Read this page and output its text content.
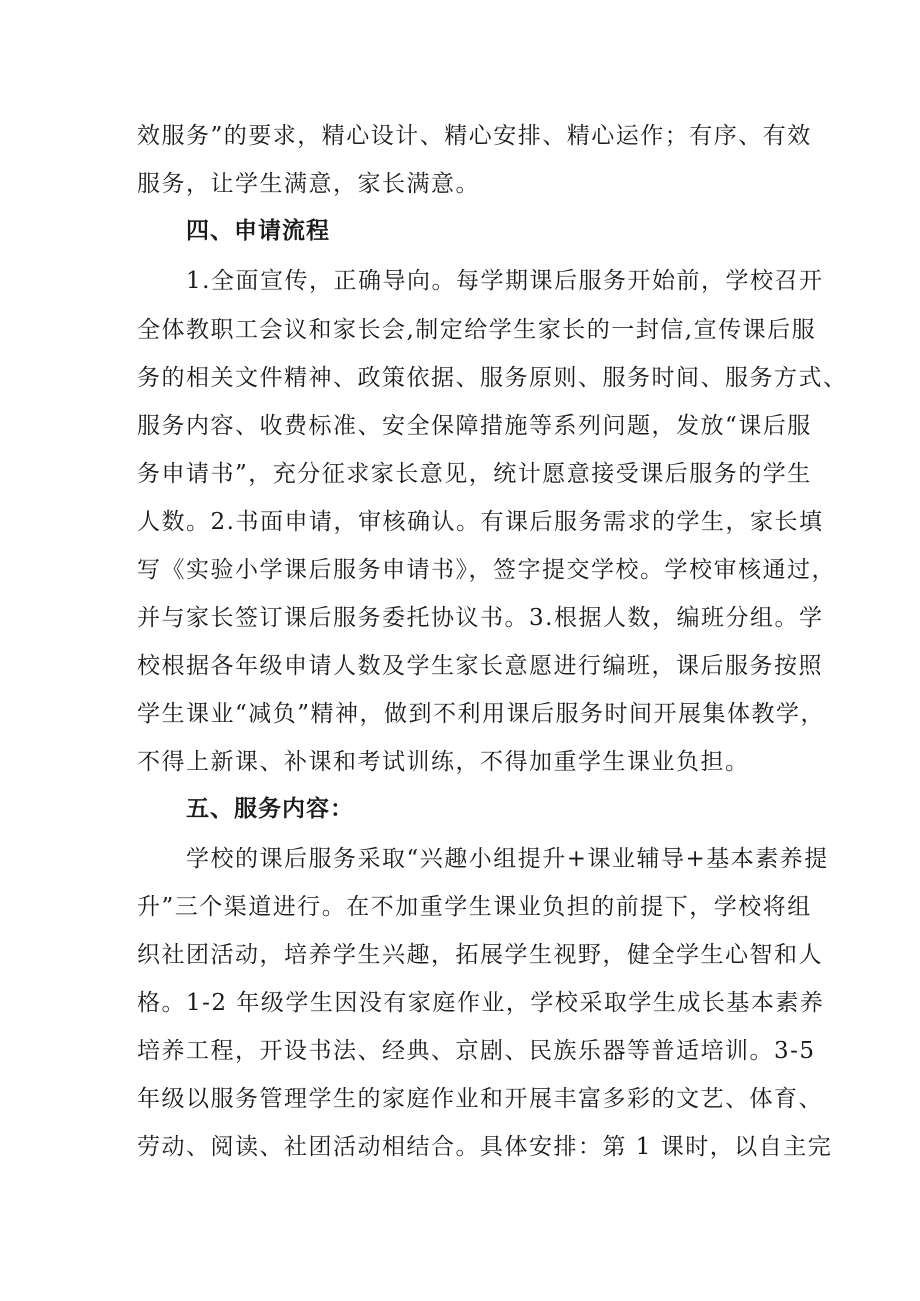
效服务”的要求，精心设计、精心安排、精心运作；有序、有效
服务，让学生满意，家长满意。
四、申请流程
1.全面宣传，正确导向。每学期课后服务开始前，学校召开
全体教职工会议和家长会,制定给学生家长的一封信,宣传课后服
务的相关文件精神、政策依据、服务原则、服务时间、服务方式、
服务内容、收费标准、安全保障措施等系列问题，发放“课后服
务申请书”，充分征求家长意见，统计愿意接受课后服务的学生
人数。2.书面申请，审核确认。有课后服务需求的学生，家长填
写《实验小学课后服务申请书》，签字提交学校。学校审核通过，
并与家长签订课后服务委托协议书。3.根据人数，编班分组。学
校根据各年级申请人数及学生家长意愿进行编班，课后服务按照
学生课业“减负”精神，做到不利用课后服务时间开展集体教学，
不得上新课、补课和考试训练，不得加重学生课业负担。
五、服务内容：
学校的课后服务采取“兴趣小组提升+课业辅导+基本素养提
升”三个渠道进行。在不加重学生课业负担的前提下，学校将组
织社团活动，培养学生兴趣，拓展学生视野，健全学生心智和人
格。1-2 年级学生因没有家庭作业，学校采取学生成长基本素养
培养工程，开设书法、经典、京剧、民族乐器等普适培训。3-5
年级以服务管理学生的家庭作业和开展丰富多彩的文艺、体育、
劳动、阅读、社团活动相结合。具体安排：第 1 课时，以自主完
